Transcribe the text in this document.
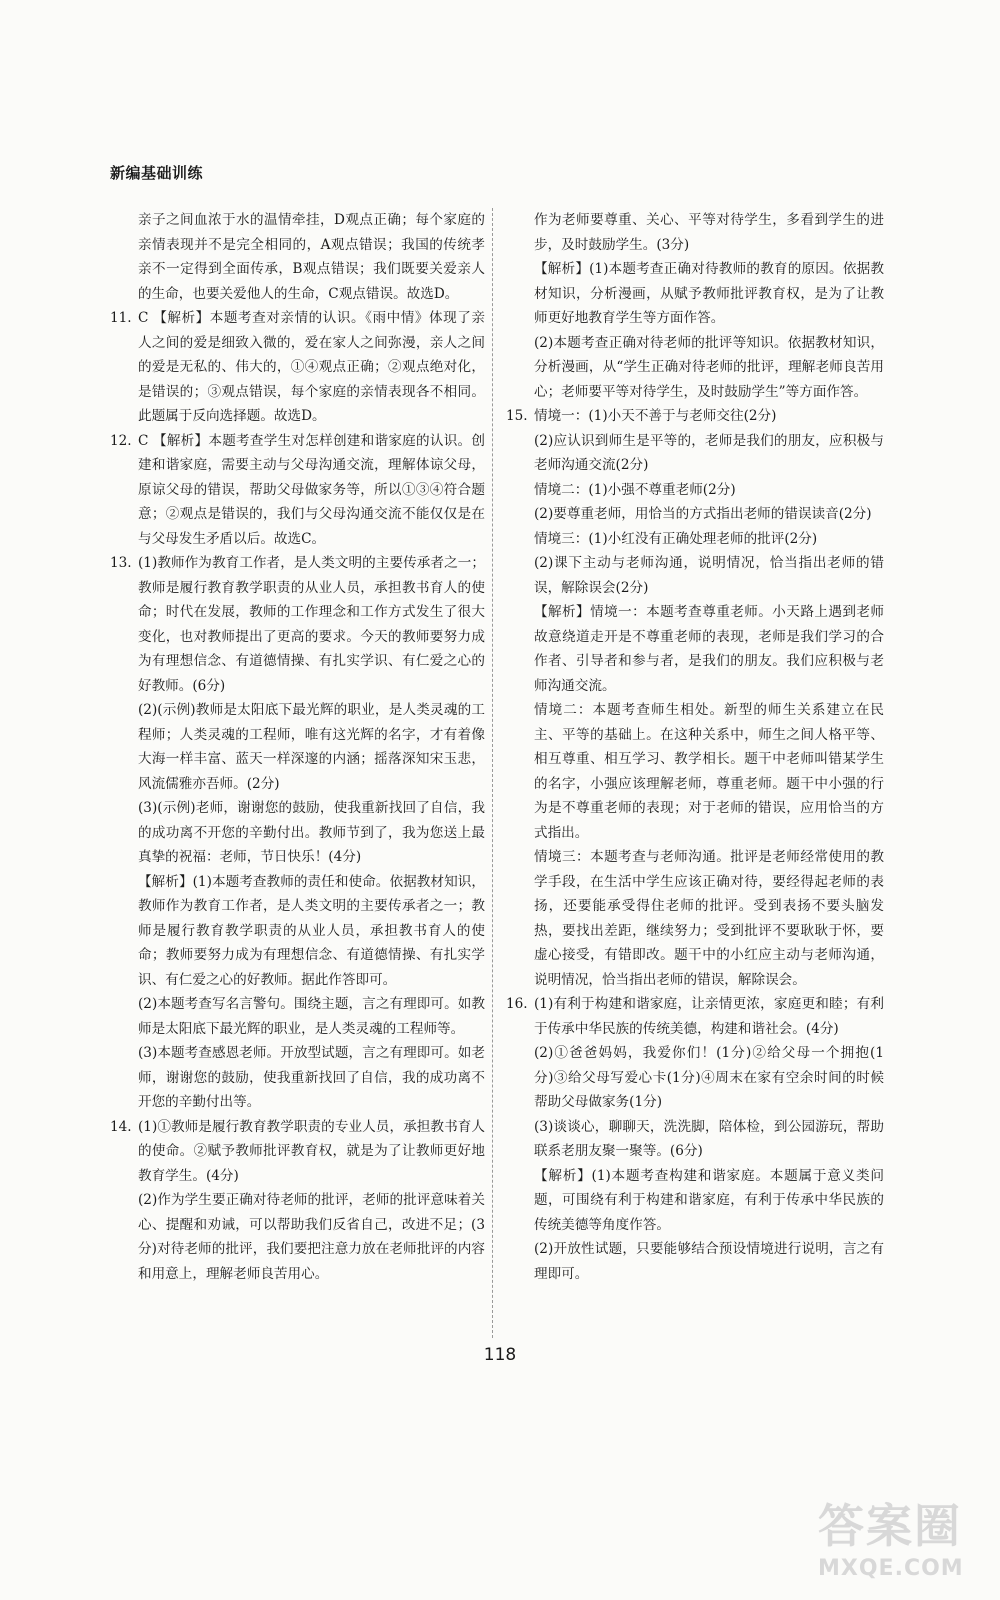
新编基础训练
亲子之间血浓于水的温情牵挂，D观点正确；每个家庭的亲情表现并不是完全相同的，A观点错误；我国的传统孝亲不一定得到全面传承，B观点错误；我们既要关爱亲人的生命，也要关爱他人的生命，C观点错误。故选D。
11. C 【解析】本题考查对亲情的认识。《雨中情》体现了亲人之间的爱是细致入微的，爱在家人之间弥漫，亲人之间的爱是无私的、伟大的，①④观点正确；②观点绝对化，是错误的；③观点错误，每个家庭的亲情表现各不相同。此题属于反向选择题。故选D。
12. C 【解析】本题考查学生对怎样创建和谐家庭的认识。创建和谐家庭，需要主动与父母沟通交流，理解体谅父母，原谅父母的错误，帮助父母做家务等，所以①③④符合题意；②观点是错误的，我们与父母沟通交流不能仅仅是在与父母发生矛盾以后。故选C。
13. (1)教师作为教育工作者，是人类文明的主要传承者之一；教师是履行教育教学职责的从业人员，承担教书育人的使命；时代在发展，教师的工作理念和工作方式发生了很大变化，也对教师提出了更高的要求。今天的教师要努力成为有理想信念、有道德情操、有扎实学识、有仁爱之心的好教师。(6分)
(2)(示例)教师是太阳底下最光辉的职业，是人类灵魂的工程师；人类灵魂的工程师，唯有这光辉的名字，才有着像大海一样丰富、蓝天一样深邃的内涵；摇落深知宋玉悲，风流儒雅亦吾师。(2分)
(3)(示例)老师，谢谢您的鼓励，使我重新找回了自信，我的成功离不开您的辛勤付出。教师节到了，我为您送上最真挚的祝福：老师，节日快乐！(4分)
【解析】(1)本题考查教师的责任和使命。依据教材知识，教师作为教育工作者，是人类文明的主要传承者之一；教师是履行教育教学职责的从业人员，承担教书育人的使命；教师要努力成为有理想信念、有道德情操、有扎实学识、有仁爱之心的好教师。据此作答即可。
(2)本题考查写名言警句。围绕主题，言之有理即可。如教师是太阳底下最光辉的职业，是人类灵魂的工程师等。
(3)本题考查感恩老师。开放型试题，言之有理即可。如老师，谢谢您的鼓励，使我重新找回了自信，我的成功离不开您的辛勤付出等。
14. (1)①教师是履行教育教学职责的专业人员，承担教书育人的使命。②赋予教师批评教育权，就是为了让教师更好地教育学生。(4分)
(2)作为学生要正确对待老师的批评，老师的批评意味着关心、提醒和劝诫，可以帮助我们反省自己，改进不足；(3分)对待老师的批评，我们要把注意力放在老师批评的内容和用意上，理解老师良苦用心。
作为老师要尊重、关心、平等对待学生，多看到学生的进步，及时鼓励学生。(3分)
【解析】(1)本题考查正确对待教师的教育的原因。依据教材知识，分析漫画，从赋予教师批评教育权，是为了让教师更好地教育学生等方面作答。
(2)本题考查正确对待老师的批评等知识。依据教材知识，分析漫画，从“学生正确对待老师的批评，理解老师良苦用心；老师要平等对待学生，及时鼓励学生”等方面作答。
15. 情境一：(1)小天不善于与老师交往(2分)
(2)应认识到师生是平等的，老师是我们的朋友，应积极与老师沟通交流(2分)
情境二：(1)小强不尊重老师(2分)
(2)要尊重老师，用恰当的方式指出老师的错误读音(2分)
情境三：(1)小红没有正确处理老师的批评(2分)
(2)课下主动与老师沟通，说明情况，恰当指出老师的错误，解除误会(2分)
【解析】情境一：本题考查尊重老师。小天路上遇到老师故意绕道走开是不尊重老师的表现，老师是我们学习的合作者、引导者和参与者，是我们的朋友。我们应积极与老师沟通交流。
情境二：本题考查师生相处。新型的师生关系建立在民主、平等的基础上。在这种关系中，师生之间人格平等、相互尊重、相互学习、教学相长。题干中老师叫错某学生的名字，小强应该理解老师，尊重老师。题干中小强的行为是不尊重老师的表现；对于老师的错误，应用恰当的方式指出。
情境三：本题考查与老师沟通。批评是老师经常使用的教学手段，在生活中学生应该正确对待，要经得起老师的表扬，还要能承受得住老师的批评。受到表扬不要头脑发热，要找出差距，继续努力；受到批评不要耿耿于怀，要虚心接受，有错即改。题干中的小红应主动与老师沟通，说明情况，恰当指出老师的错误，解除误会。
16. (1)有利于构建和谐家庭，让亲情更浓，家庭更和睦；有利于传承中华民族的传统美德，构建和谐社会。(4分)
(2)①爸爸妈妈，我爱你们！(1分)②给父母一个拥抱(1分)③给父母写爱心卡(1分)④周末在家有空余时间的时候帮助父母做家务(1分)
(3)谈谈心，聊聊天，洗洗脚，陪体检，到公园游玩，帮助联系老朋友聚一聚等。(6分)
【解析】(1)本题考查构建和谐家庭。本题属于意义类问题，可围绕有利于构建和谐家庭，有利于传承中华民族的传统美德等角度作答。
(2)开放性试题，只要能够结合预设情境进行说明，言之有理即可。
118
答案圈
MXQE.COM
